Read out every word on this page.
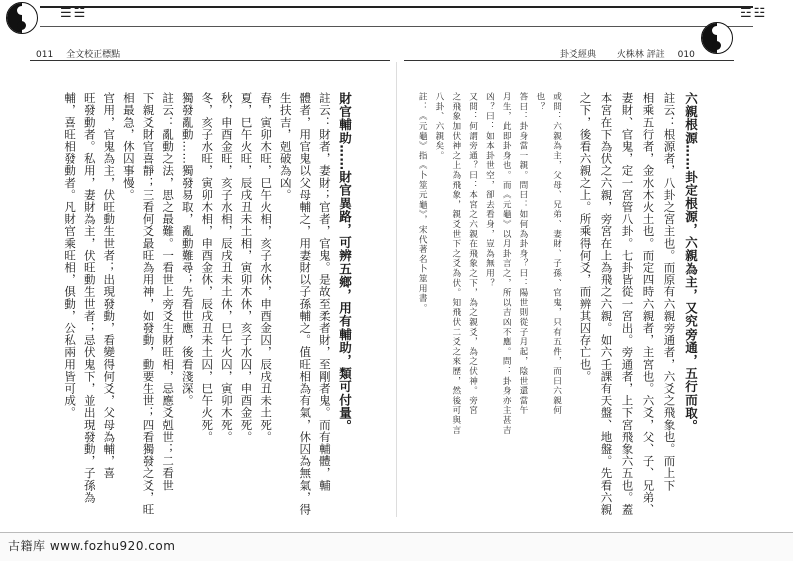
☰☱	☲☳
011 全文校正標點	卦爻經典 火株林 評註 010
六親根源……卦定根源，六親為主，又究旁通，五行而取。
註云：根源者，八卦之宮主也。而原有六親旁通者，六爻之飛象也。而上下
相乘五行者，金水木火土也。而定四時六親者，主宮也。六爻，父、子、兄弟、
妻財、官鬼，定一宮管八卦。七卦皆從一宮出。旁通者，上下宮飛象六五也。蓋
本宮在下為伏之六親，旁宮在上為飛之六親。如六壬課有天盤、地盤。先看六親
之下，後看六親之上。所乘得何爻，而辨其囚存亡也。
或問：六親為主，父母、兄弟、妻財、子孫、官鬼，只有五件，而曰六親何
也？
答曰：卦身當一親。問曰：如何為卦身？曰：陽世則從子月起，陰世還當午
月生，此即卦身也。而《元龜》以月卦言之，所以吉凶不應。問：卦身亦主甚吉
凶？曰：如本卦世空，卻去看身，豈為無用？
又問：何謂旁通？曰：本宮之六親在飛象之下，為之親爻，為之伏神。旁宮
之飛象加伏神之上為飛象，親爻世下之爻為伏。知飛伏二爻之來歷，然後可與言
八卦、六親矣。
註：《元龜》指《卜筮元龜》，宋代著名卜筮用書。
財官輔助……財官異路，可辨五鄉，用有輔助，類可付量。
註云：財者，妻財；官者，官鬼。是故至柔者財，至剛者鬼。而有輔體，輔
體者，用官鬼以父母輔之，用妻財以子孫輔之。值旺相為有氣，休囚為無氣，得
生扶吉，剋破為凶。
春，寅卯木旺，巳午火相，亥子水休，申酉金囚，辰戌丑未土死。
夏，巳午火旺，辰戌丑未土相，寅卯木休，亥子水囚，申酉金死。
秋，申酉金旺，亥子水相，辰戌丑未土休，巳午火囚，寅卯木死。
冬，亥子水旺，寅卯木相，申酉金休，辰戌丑未土囚，巳午火死。
獨發亂動……獨發易取，亂動難尋；先看世應，後看淺深。
註云：亂動之法，思之最難。一看世上旁爻生財旺相，忌應爻剋世；二看世
下親爻財官喜靜；三看何爻最旺為用神，如發動，動要生世；四看獨發之爻，旺
相最急，休囚事慢。
官用，官鬼為主，伏旺動生世者；出現發動，看變得何爻，父母為輔，喜
旺發動者。私用，妻財為主，伏旺動生世者；忌伏鬼下，並出現發動，子孫為
輔，喜旺相發動者。凡財官乘旺相，俱動，公私兩用皆可成。
古籍库 www.fozhu920.com
